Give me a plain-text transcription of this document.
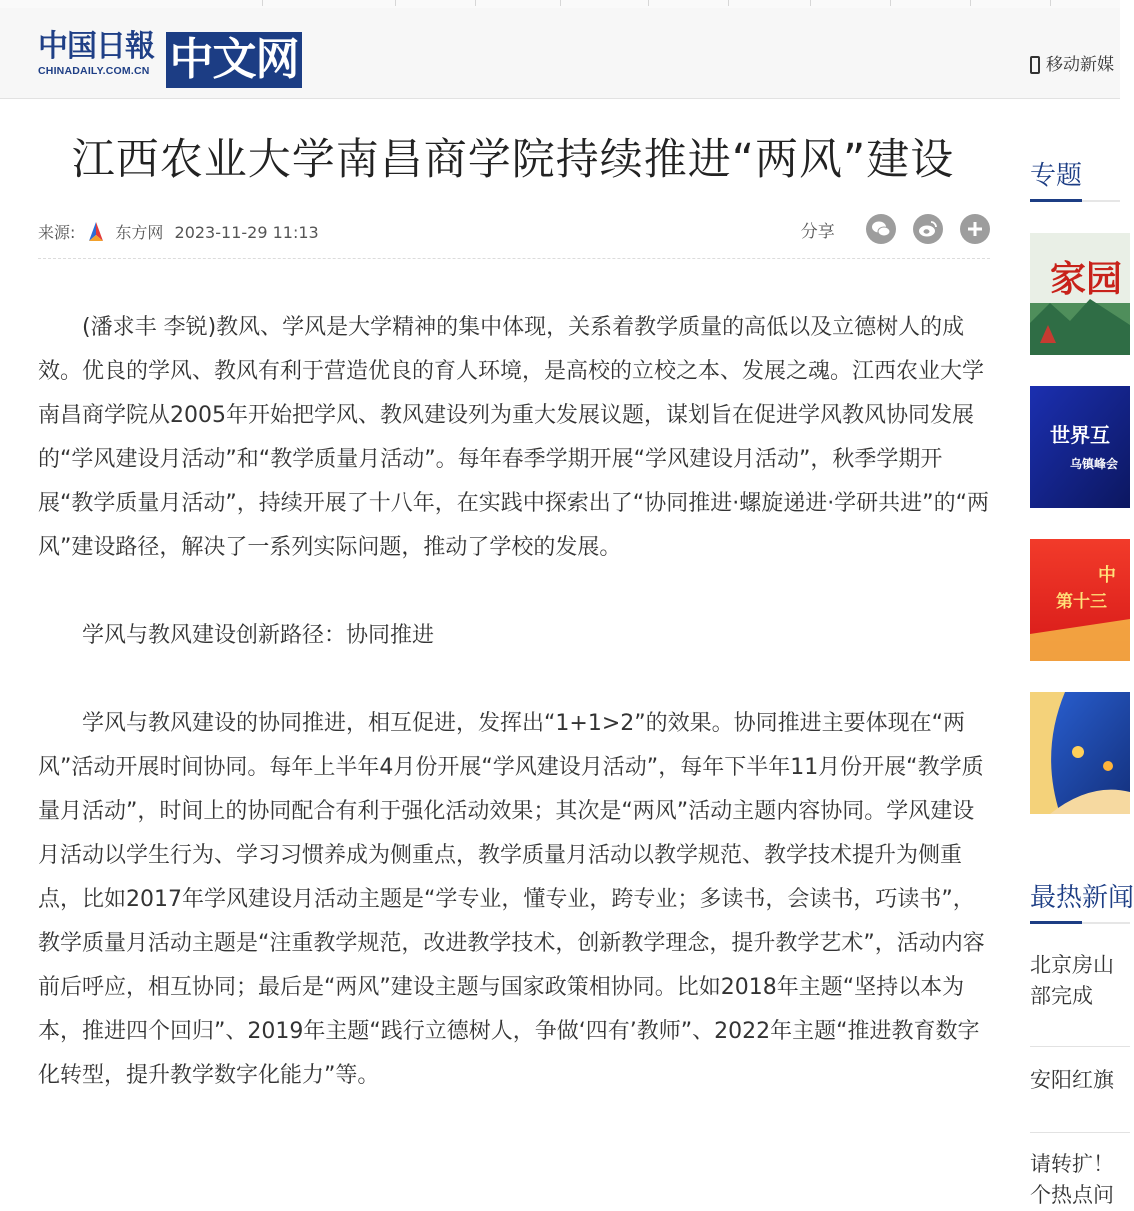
中国日報
CHINADAILY.COM.CN 中文网	移动新媒
江西农业大学南昌商学院持续推进“两风”建设
来源:	东方网 2023-11-29 11:13	分享

(潘求丰 李锐)教风、学风是大学精神的集中体现，关系着教学质量的高低以及立德树人的成效。优良的学风、教风有利于营造优良的育人环境，是高校的立校之本、发展之魂。江西农业大学南昌商学院从2005年开始把学风、教风建设列为重大发展议题，谋划旨在促进学风教风协同发展的“学风建设月活动”和“教学质量月活动”。每年春季学期开展“学风建设月活动”，秋季学期开展“教学质量月活动”，持续开展了十八年，在实践中探索出了“协同推进·螺旋递进·学研共进”的“两风”建设路径，解决了一系列实际问题，推动了学校的发展。

学风与教风建设创新路径：协同推进

学风与教风建设的协同推进，相互促进，发挥出“1+1>2”的效果。协同推进主要体现在“两风”活动开展时间协同。每年上半年4月份开展“学风建设月活动”，每年下半年11月份开展“教学质量月活动”，时间上的协同配合有利于强化活动效果；其次是“两风”活动主题内容协同。学风建设月活动以学生行为、学习习惯养成为侧重点，教学质量月活动以教学规范、教学技术提升为侧重点，比如2017年学风建设月活动主题是“学专业，懂专业，跨专业；多读书，会读书，巧读书”，教学质量月活动主题是“注重教学规范，改进教学技术，创新教学理念，提升教学艺术”，活动内容前后呼应，相互协同；最后是“两风”建设主题与国家政策相协同。比如2018年主题“坚持以本为本，推进四个回归”、2019年主题“践行立德树人，争做‘四有’教师”、2022年主题“推进教育数字化转型，提升教学数字化能力”等。

专题
家园
世界互
乌镇峰会
中
第十三
最热新闻
北京房山
部完成
安阳红旗
请转扩！
个热点问
